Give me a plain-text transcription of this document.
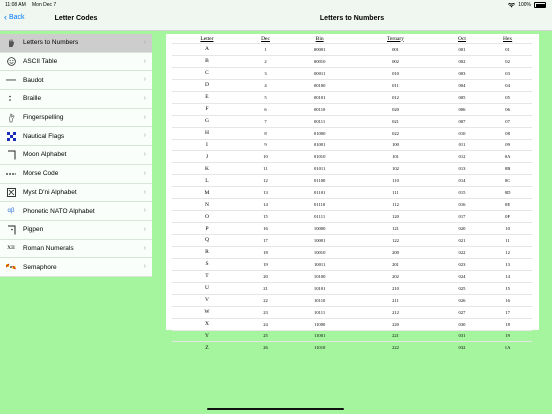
11:08 AM Mon Dec 7	100%
‹ Back	Letter Codes
Letters to Numbers	›
ASCII Table	›
Baudot	›
Braille	›
Fingerspelling	›
Nautical Flags	›
Moon Alphabet	›
Morse Code	›
Myst D'ni Alphabet	›
αβ	Phonetic NATO Alphabet	›
Pigpen	›
XII	Roman Numerals	›
Semaphore	›
Letters to Numbers
Letter	Dec	Bin	Ternary	Oct	Hex
A	1	00001	001	001	01
B	2	00010	002	002	02
C	3	00011	010	003	03
D	4	00100	011	004	04
E	5	00101	012	005	05
F	6	00110	020	006	06
G	7	00111	021	007	07
H	8	01000	022	010	08
I	9	01001	100	011	09
J	10	01010	101	012	0A
K	11	01011	102	013	0B
L	12	01100	110	014	0C
M	13	01101	111	015	0D
N	14	01110	112	016	0E
O	15	01111	120	017	0F
P	16	10000	121	020	10
Q	17	10001	122	021	11
R	18	10010	200	022	12
S	19	10011	201	023	13
T	20	10100	202	024	14
U	21	10101	210	025	15
V	22	10110	211	026	16
W	23	10111	212	027	17
X	24	11000	220	030	18
Y	25	11001	221	031	19
Z	26	11010	222	032	1A
